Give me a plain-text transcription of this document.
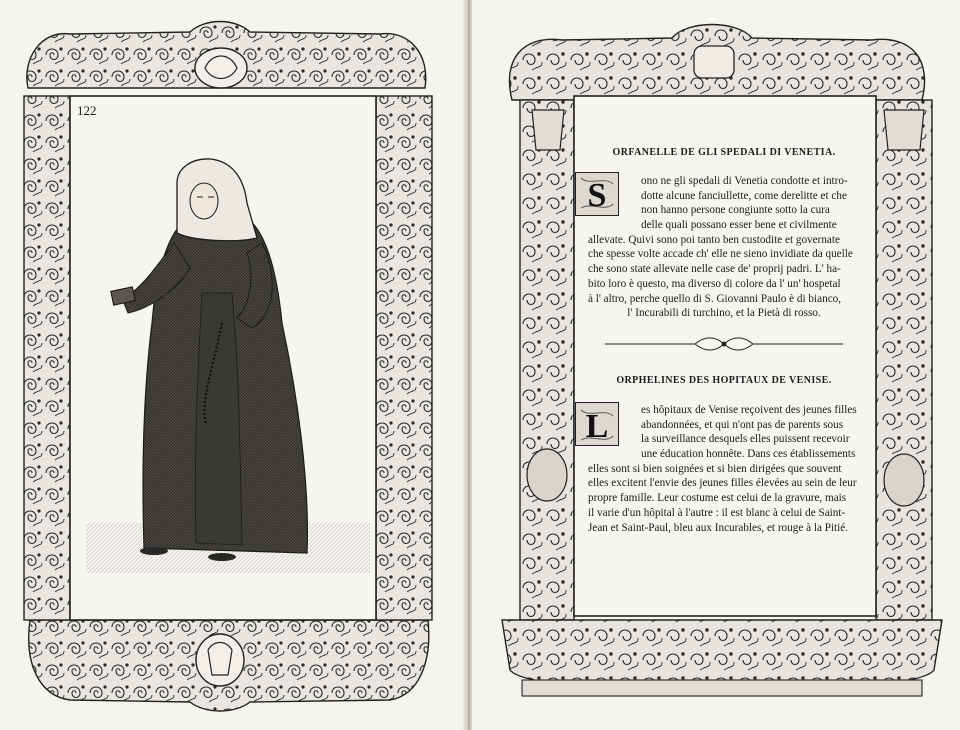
122
ORFANELLE DE GLI SPEDALI DI VENETIA.
S	ono ne gli spedali di Venetia condotte et intro-
dotte alcune fanciullette, come derelitte et che
non hanno persone congiunte sotto la cura
delle quali possano esser bene et civilmente
allevate. Quivi sono poi tanto ben custodite et governate
che spesse volte accade ch' elle ne sieno invidiate da quelle
che sono state allevate nelle case de' proprij padri. L' ha-
bito loro è questo, ma diverso di colore da l' un' hospetal
à l' altro, perche quello di S. Giovanni Paulo è di bianco,
l' Incurabili di turchino, et la Pietà di rosso.

ORPHELINES DES HOPITAUX DE VENISE.
L	es hôpitaux de Venise reçoivent des jeunes filles
abandonnées, et qui n'ont pas de parents sous
la surveillance desquels elles puissent recevoir
une éducation honnête. Dans ces établissements
elles sont si bien soignées et si bien dirigées que souvent
elles excitent l'envie des jeunes filles élevées au sein de leur
propre famille. Leur costume est celui de la gravure, mais
il varie d'un hôpital à l'autre : il est blanc à celui de Saint-
Jean et Saint-Paul, bleu aux Incurables, et rouge à la Pitié.
